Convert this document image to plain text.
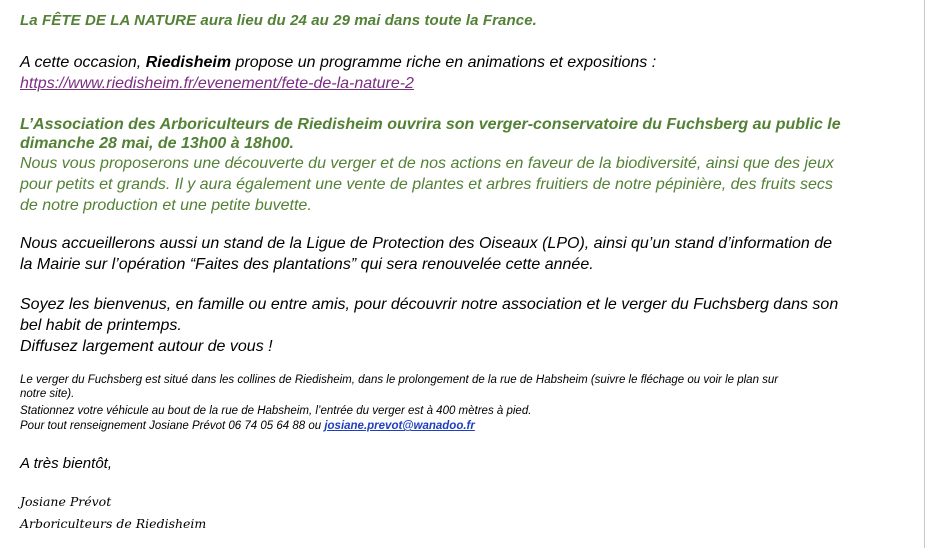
La FÊTE DE LA NATURE aura lieu du 24 au 29 mai dans toute la France.
A cette occasion, Riedisheim propose un programme riche en animations et expositions :
https://www.riedisheim.fr/evenement/fete-de-la-nature-2
L’Association des Arboriculteurs de Riedisheim ouvrira son verger-conservatoire du Fuchsberg au public le
dimanche 28 mai, de 13h00 à 18h00.
Nous vous proposerons une découverte du verger et de nos actions en faveur de la biodiversité, ainsi que des jeux
pour petits et grands. Il y aura également une vente de plantes et arbres fruitiers de notre pépinière, des fruits secs
de notre production et une petite buvette.
Nous accueillerons aussi un stand de la Ligue de Protection des Oiseaux (LPO), ainsi qu’un stand d’information de
la Mairie sur l’opération “Faites des plantations” qui sera renouvelée cette année.
Soyez les bienvenus, en famille ou entre amis, pour découvrir notre association et le verger du Fuchsberg dans son
bel habit de printemps.
Diffusez largement autour de vous !
Le verger du Fuchsberg est situé dans les collines de Riedisheim, dans le prolongement de la rue de Habsheim (suivre le fléchage ou voir le plan sur
notre site).
Stationnez votre véhicule au bout de la rue de Habsheim, l’entrée du verger est à 400 mètres à pied.
Pour tout renseignement Josiane Prévot 06 74 05 64 88 ou josiane.prevot@wanadoo.fr
A très bientôt,
Josiane Prévot
Arboriculteurs de Riedisheim
